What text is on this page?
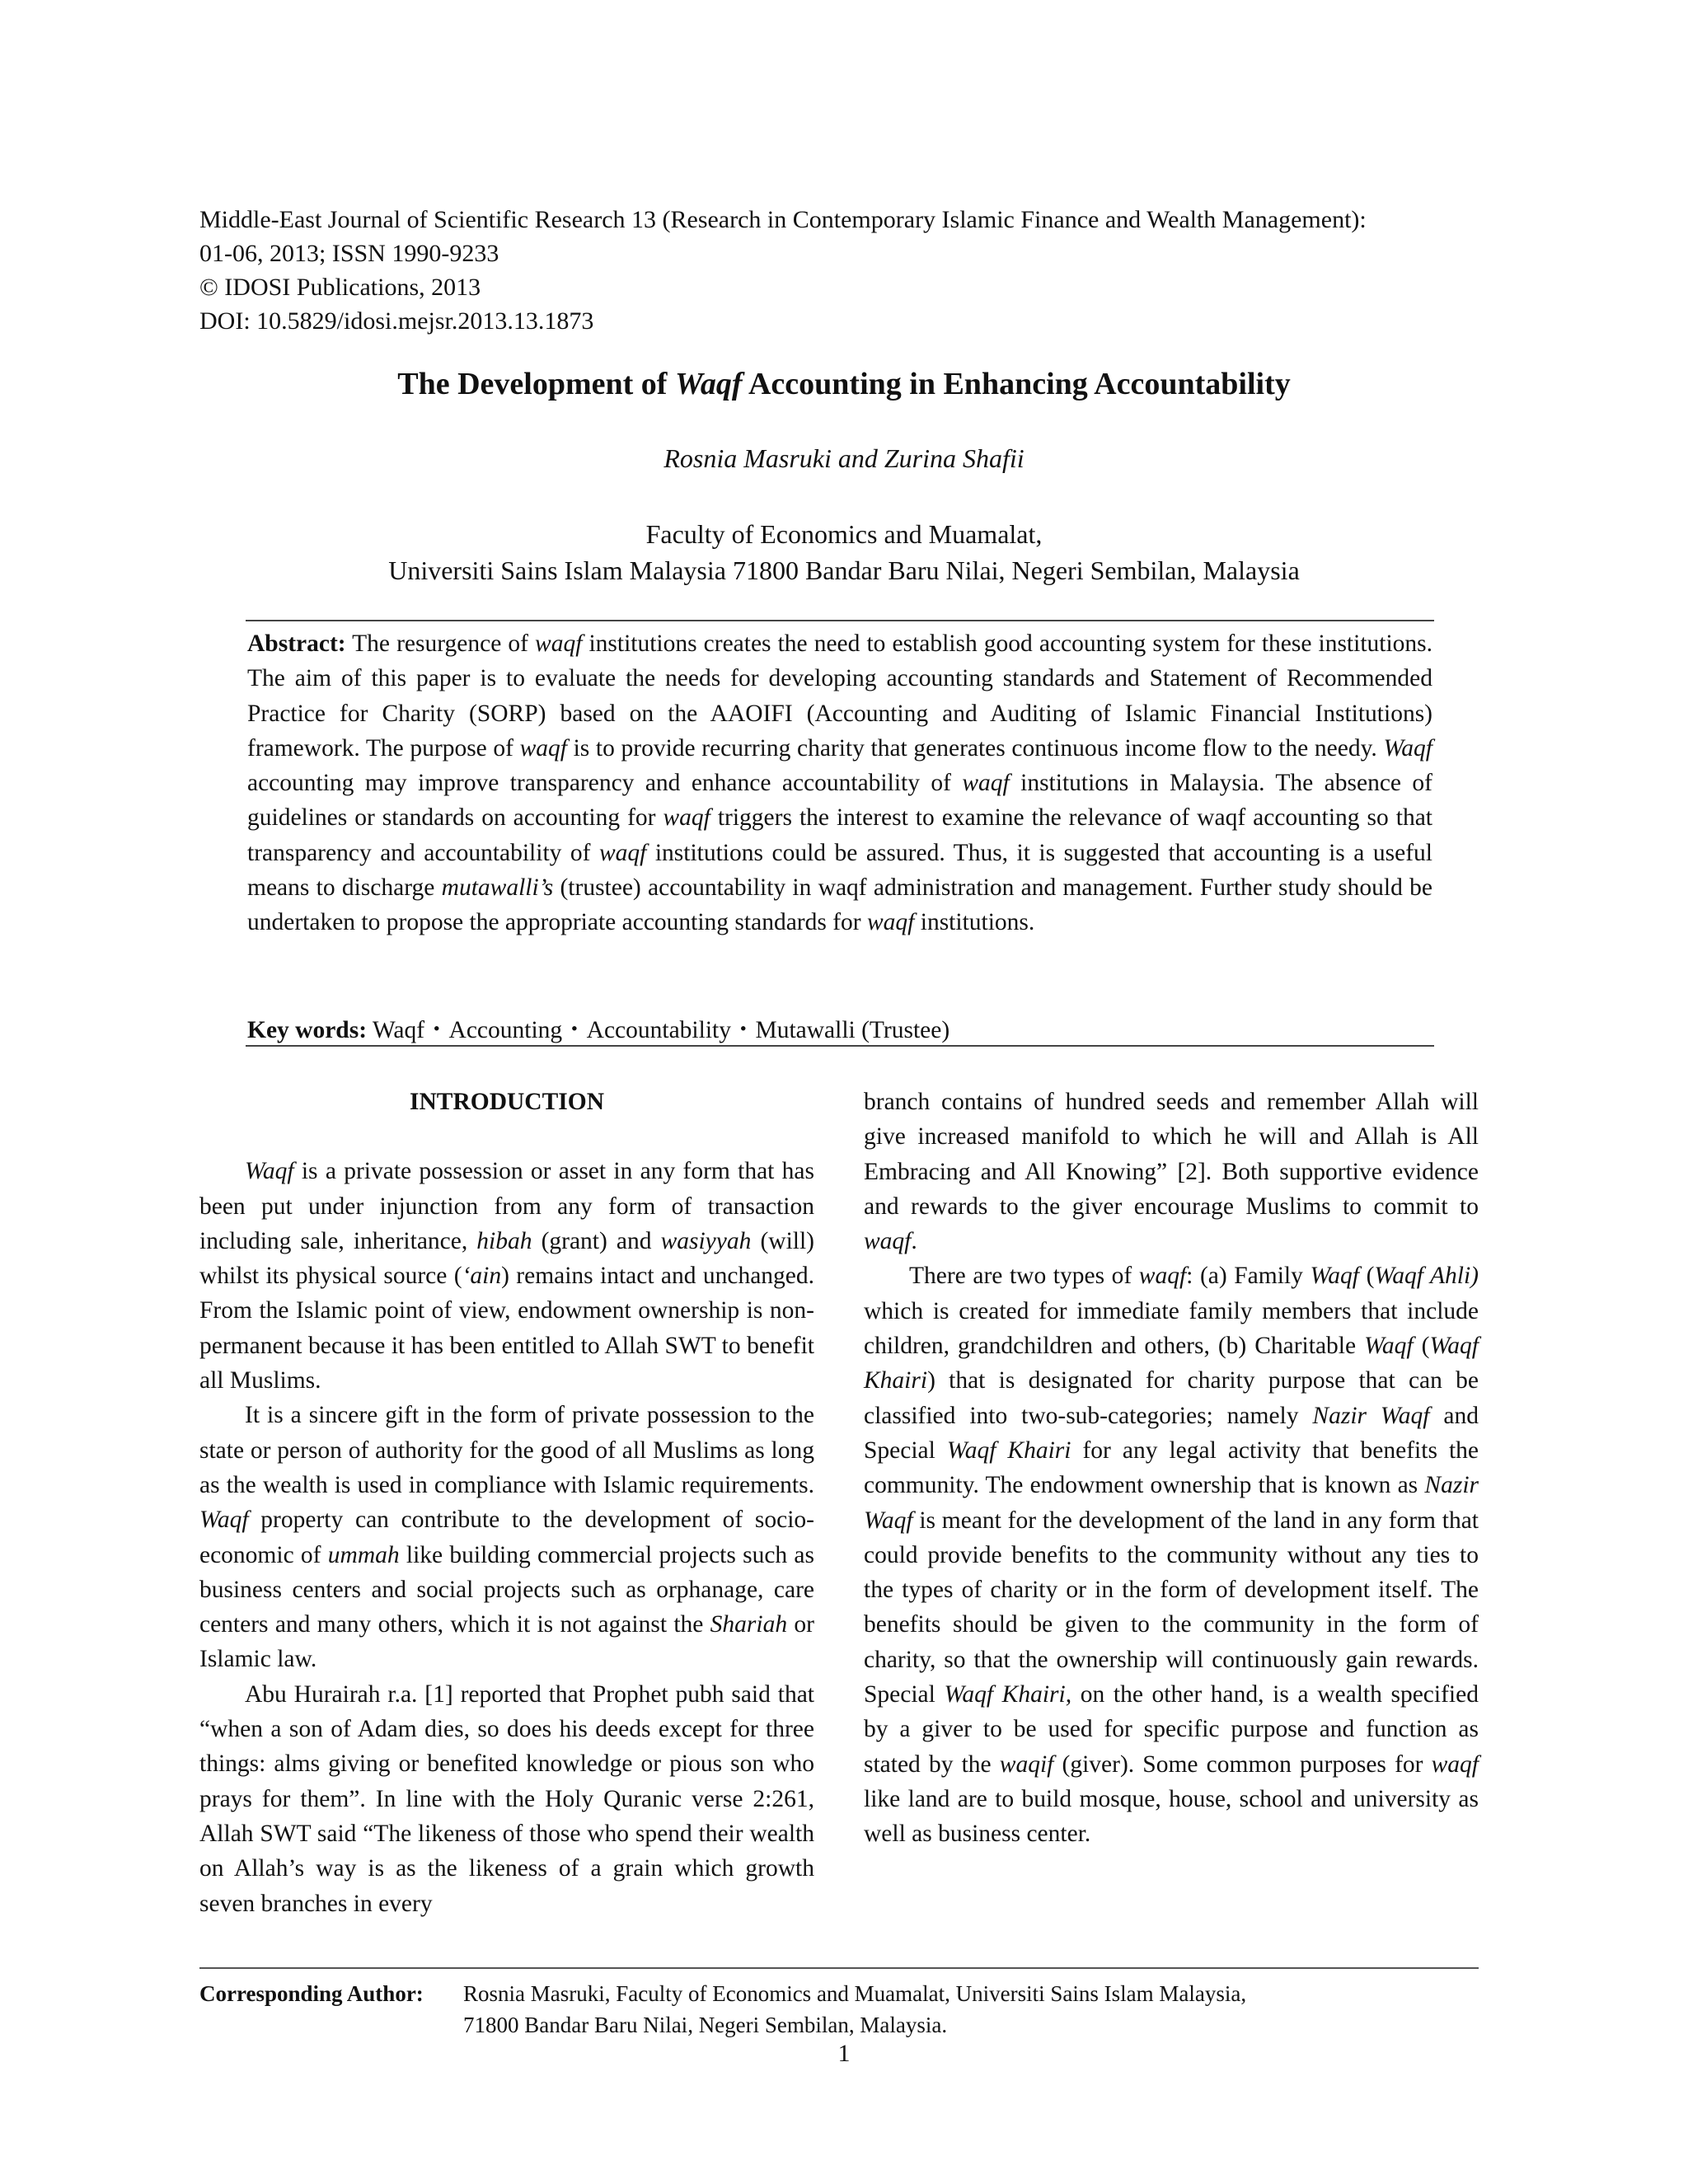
Middle-East Journal of Scientific Research 13 (Research in Contemporary Islamic Finance and Wealth Management):
01-06, 2013; ISSN 1990-9233
© IDOSI Publications, 2013
DOI: 10.5829/idosi.mejsr.2013.13.1873
The Development of Waqf Accounting in Enhancing Accountability
Rosnia Masruki and Zurina Shafii
Faculty of Economics and Muamalat,
Universiti Sains Islam Malaysia 71800 Bandar Baru Nilai, Negeri Sembilan, Malaysia
Abstract: The resurgence of waqf institutions creates the need to establish good accounting system for these institutions. The aim of this paper is to evaluate the needs for developing accounting standards and Statement of Recommended Practice for Charity (SORP) based on the AAOIFI (Accounting and Auditing of Islamic Financial Institutions) framework. The purpose of waqf is to provide recurring charity that generates continuous income flow to the needy. Waqf accounting may improve transparency and enhance accountability of waqf institutions in Malaysia. The absence of guidelines or standards on accounting for waqf triggers the interest to examine the relevance of waqf accounting so that transparency and accountability of waqf institutions could be assured. Thus, it is suggested that accounting is a useful means to discharge mutawalli’s (trustee) accountability in waqf administration and management. Further study should be undertaken to propose the appropriate accounting standards for waqf institutions.
Key words: Waqf・Accounting・Accountability・Mutawalli (Trustee)

INTRODUCTION

Waqf is a private possession or asset in any form that has been put under injunction from any form of transaction including sale, inheritance, hibah (grant) and wasiyyah (will) whilst its physical source (‘ain) remains intact and unchanged. From the Islamic point of view, endowment ownership is non-permanent because it has been entitled to Allah SWT to benefit all Muslims.

It is a sincere gift in the form of private possession to the state or person of authority for the good of all Muslims as long as the wealth is used in compliance with Islamic requirements. Waqf property can contribute to the development of socio-economic of ummah like building commercial projects such as business centers and social projects such as orphanage, care centers and many others, which it is not against the Shariah or Islamic law.

Abu Hurairah r.a. [1] reported that Prophet pubh said that “when a son of Adam dies, so does his deeds except for three things: alms giving or benefited knowledge or pious son who prays for them”. In line with the Holy Quranic verse 2:261, Allah SWT said “The likeness of those who spend their wealth on Allah’s way is as the likeness of a grain which growth seven branches in every

branch contains of hundred seeds and remember Allah will give increased manifold to which he will and Allah is All Embracing and All Knowing” [2]. Both supportive evidence and rewards to the giver encourage Muslims to commit to waqf.

There are two types of waqf: (a) Family Waqf (Waqf Ahli) which is created for immediate family members that include children, grandchildren and others, (b) Charitable Waqf (Waqf Khairi) that is designated for charity purpose that can be classified into two-sub-categories; namely Nazir Waqf and Special Waqf Khairi for any legal activity that benefits the community. The endowment ownership that is known as Nazir Waqf is meant for the development of the land in any form that could provide benefits to the community without any ties to the types of charity or in the form of development itself. The benefits should be given to the community in the form of charity, so that the ownership will continuously gain rewards. Special Waqf Khairi, on the other hand, is a wealth specified by a giver to be used for specific purpose and function as stated by the waqif (giver). Some common purposes for waqf like land are to build mosque, house, school and university as well as business center.

Corresponding Author: Rosnia Masruki, Faculty of Economics and Muamalat, Universiti Sains Islam Malaysia,
71800 Bandar Baru Nilai, Negeri Sembilan, Malaysia.
1
